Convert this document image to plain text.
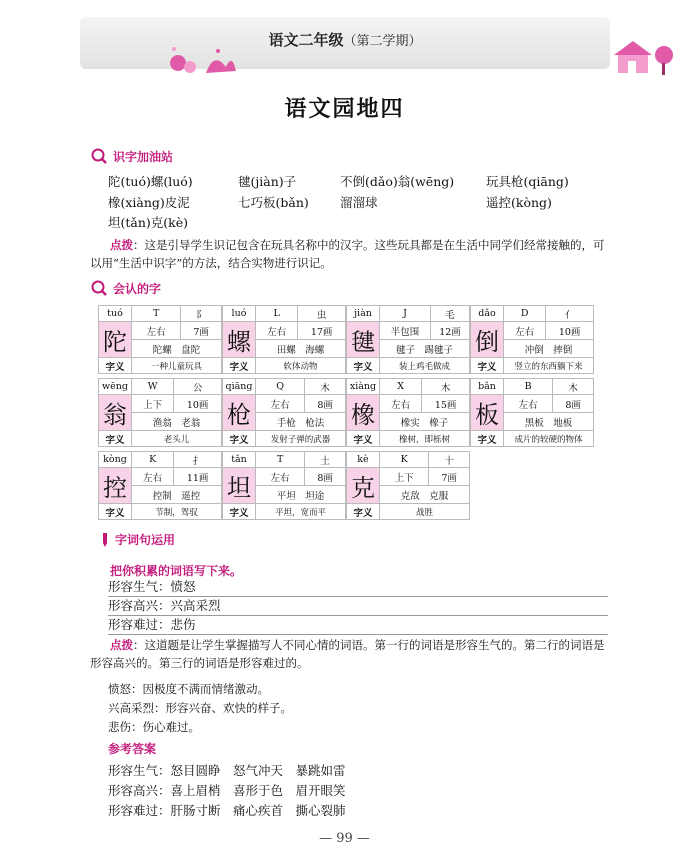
语文二年级（第二学期）
语文园地四
识字加油站
陀(tuó)螺(luó)	毽(jiàn)子	不倒(dǎo)翁(wēng)	玩具枪(qiāng)
橡(xiàng)皮泥	七巧板(bǎn)	溜溜球	遥控(kòng)
坦(tǎn)克(kè)
点拨：这是引导学生识记包含在玩具名称中的汉字。这些玩具都是在生活中同学们经常接触的，可以用“生活中识字”的方法，结合实物进行识记。
会认的字
tuó	T	阝
陀	左右	7画
	陀螺　盘陀	
字义	一种儿童玩具	
luó	L	虫
螺	左右	17画
	田螺　海螺	
字义	软体动物	
jiàn	J	毛
毽	半包围	12画
	毽子　踢毽子	
字义	装上鸡毛做成	
dǎo	D	亻
倒	左右	10画
	冲倒　摔倒	
字义	竖立的东西躺下来	
wēng	W	公
翁	上下	10画
	渔翁　老翁	
字义	老头儿	
qiāng	Q	木
枪	左右	8画
	手枪　枪法	
字义	发射子弹的武器	
xiàng	X	木
橡	左右	15画
	橡实　橡子	
字义	橡树，即栎树	
bǎn	B	木
板	左右	8画
	黑板　地板	
字义	成片的较硬的物体	
kòng	K	扌
控	左右	11画
	控制　遥控	
字义	节制，驾驭	
tǎn	T	土
坦	左右	8画
	平坦　坦途	
字义	平坦，宽而平	
kè	K	十
克	上下	7画
	克敌　克服	
字义	战胜	
字词句运用
把你积累的词语写下来。
形容生气：愤怒
形容高兴：兴高采烈
形容难过：悲伤
点拨：这道题是让学生掌握描写人不同心情的词语。第一行的词语是形容生气的。第二行的词语是形容高兴的。第三行的词语是形容难过的。
愤怒：因极度不满而情绪激动。
兴高采烈：形容兴奋、欢快的样子。
悲伤：伤心难过。
参考答案
形容生气：怒目圆睁　怒气冲天　暴跳如雷
形容高兴：喜上眉梢　喜形于色　眉开眼笑
形容难过：肝肠寸断　痛心疾首　撕心裂肺
— 99 —
